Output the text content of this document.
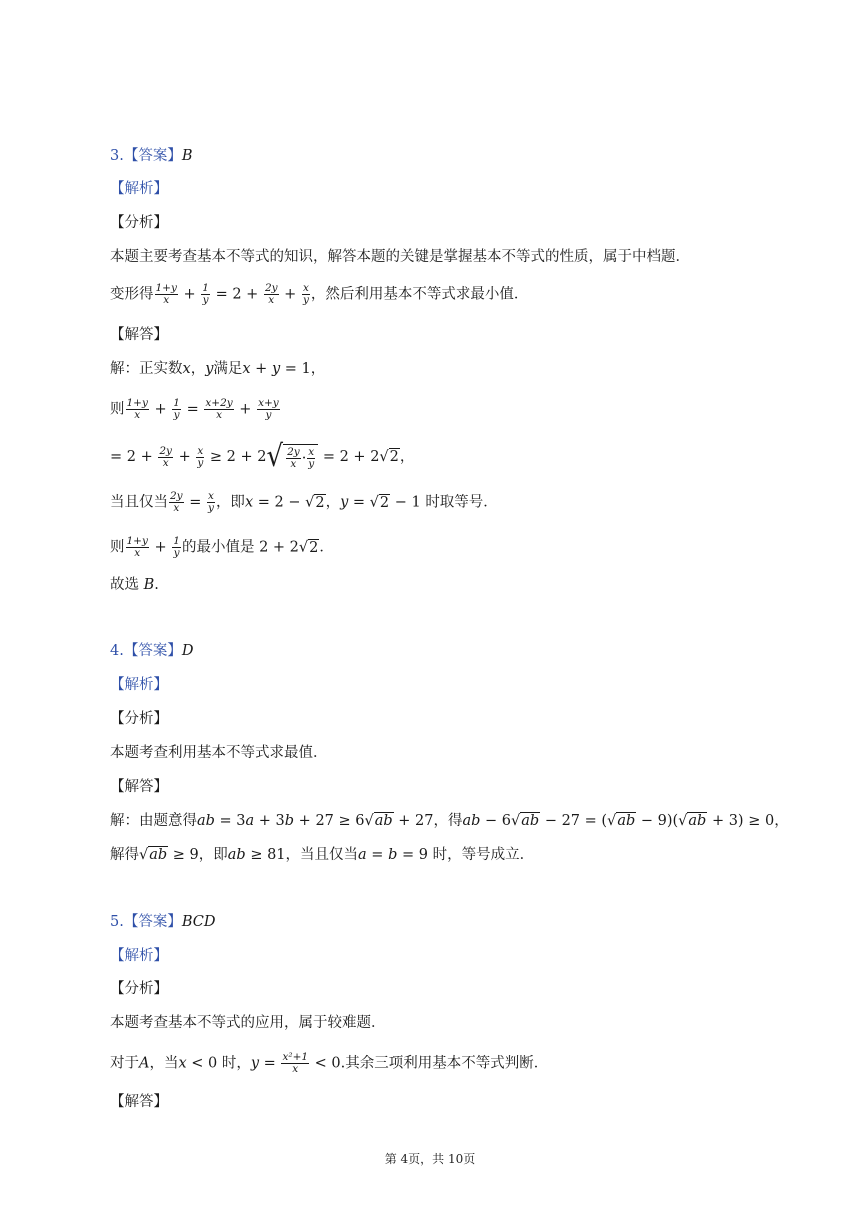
3.【答案】B
【解析】
【分析】
本题主要考查基本不等式的知识，解答本题的关键是掌握基本不等式的性质，属于中档题．
变形得 $\frac{1+y}{x} + \frac{1}{y} = 2 + \frac{2y}{x} + \frac{x}{y}$ ，然后利用基本不等式求最小值．
【解答】
解：正实数x，y满足x + y = 1，
则 $\frac{1+y}{x} + \frac{1}{y} = \frac{x+2y}{x} + \frac{x+y}{y}$
= $2 + \frac{2y}{x} + \frac{x}{y} \ge 2 + 2√ \frac{2y}{x} \cdot \frac{x}{y} = 2 + 2√2$，
当且仅当 $\frac{2y}{x} = \frac{x}{y}$ ，即x = 2 − √2，y = √2 − 1 时取等号．
则 $\frac{1+y}{x} + \frac{1}{y}$ 的最小值是 2 + 2√2．
故选 B.
4.【答案】D
【解析】
【分析】
本题考查利用基本不等式求最值．
【解答】
解：由题意得ab = 3a + 3b + 27 ≥ 6√ab + 27，得ab − 6√ab − 27 = (√ab − 9)(√ab + 3) ≥ 0，
解得√ab ≥ 9，即ab ≥ 81，当且仅当a = b = 9 时，等号成立．
5.【答案】BCD
【解析】
【分析】
本题考查基本不等式的应用，属于较难题．
对于A，当x < 0 时，$y = \frac{\text{x²+1}}{x} < 0$.其余三项利用基本不等式判断．
【解答】
第 4页，共 10页
